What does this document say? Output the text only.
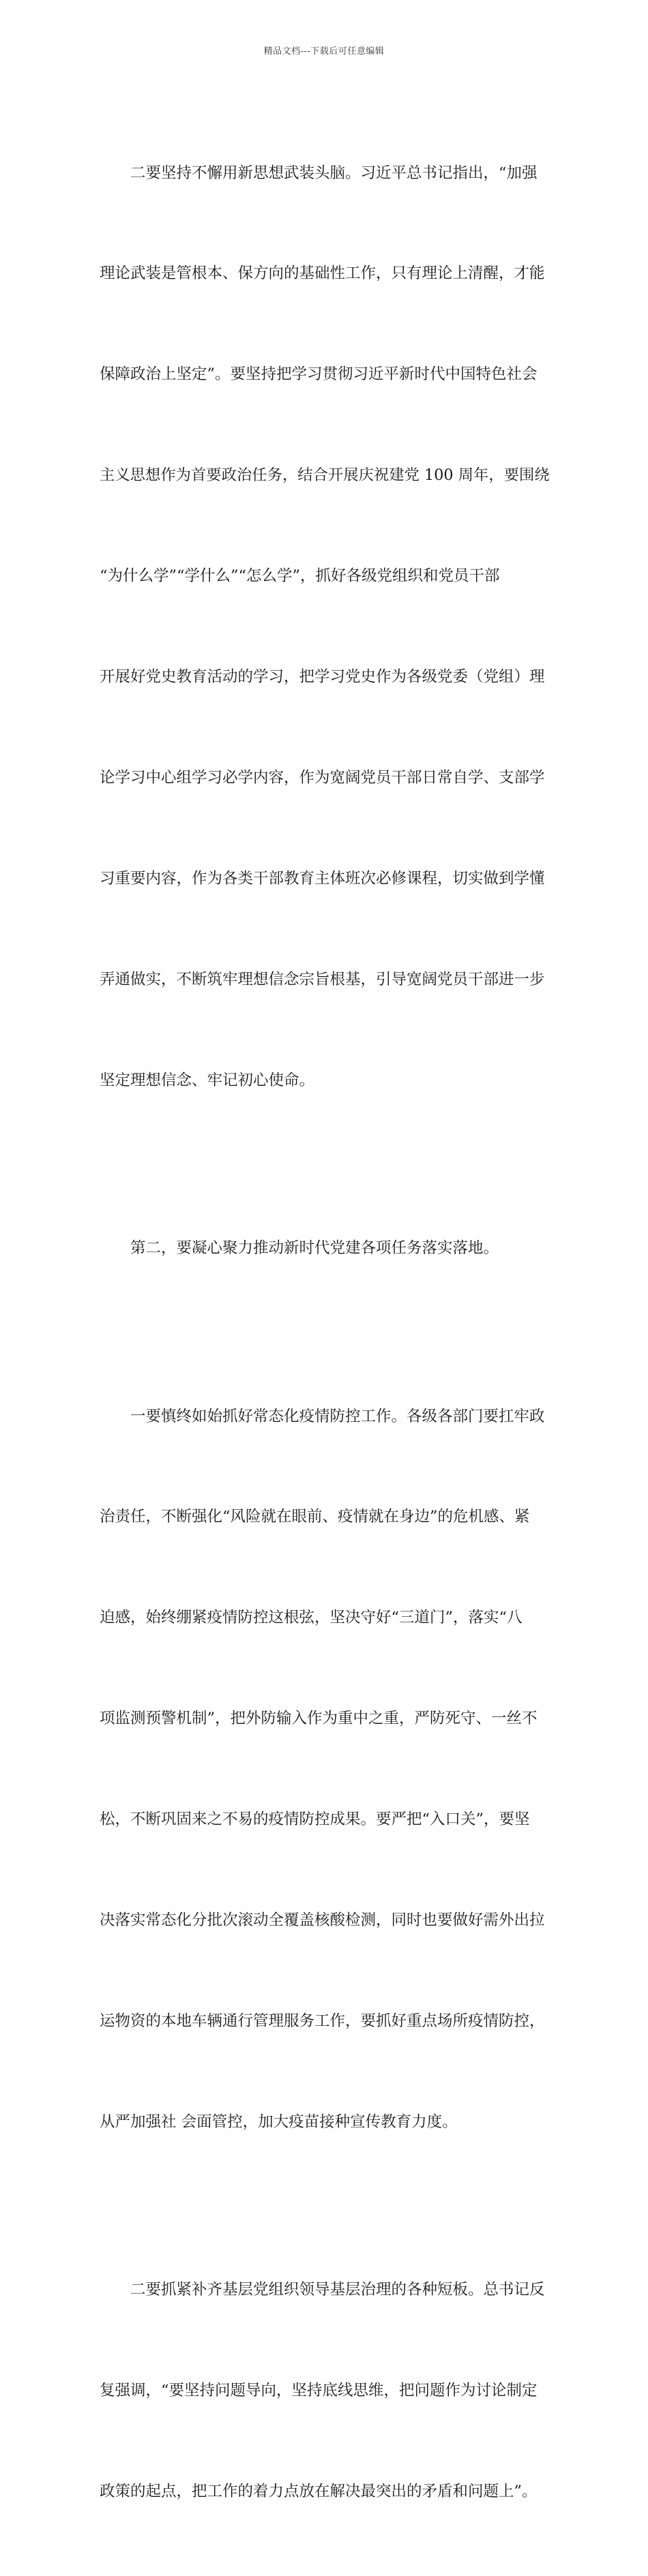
精品文档---下载后可任意编辑

二要坚持不懈用新思想武装头脑。习近平总书记指出，“加强

理论武装是管根本、保方向的基础性工作，只有理论上清醒，才能

保障政治上坚定”。要坚持把学习贯彻习近平新时代中国特色社会

主义思想作为首要政治任务，结合开展庆祝建党 100 周年，要围绕

“为什么学”“学什么”“怎么学”，抓好各级党组织和党员干部

开展好党史教育活动的学习，把学习党史作为各级党委（党组）理

论学习中心组学习必学内容，作为宽阔党员干部日常自学、支部学

习重要内容，作为各类干部教育主体班次必修课程，切实做到学懂

弄通做实，不断筑牢理想信念宗旨根基，引导宽阔党员干部进一步

坚定理想信念、牢记初心使命。

第二，要凝心聚力推动新时代党建各项任务落实落地。

一要慎终如始抓好常态化疫情防控工作。各级各部门要扛牢政

治责任，不断强化“风险就在眼前、疫情就在身边”的危机感、紧

迫感，始终绷紧疫情防控这根弦，坚决守好“三道门”，落实“八

项监测预警机制”，把外防输入作为重中之重，严防死守、一丝不

松，不断巩固来之不易的疫情防控成果。要严把“入口关”，要坚

决落实常态化分批次滚动全覆盖核酸检测，同时也要做好需外出拉

运物资的本地车辆通行管理服务工作，要抓好重点场所疫情防控，

从严加强社 会面管控，加大疫苗接种宣传教育力度。

二要抓紧补齐基层党组织领导基层治理的各种短板。总书记反

复强调，“要坚持问题导向，坚持底线思维，把问题作为讨论制定

政策的起点，把工作的着力点放在解决最突出的矛盾和问题上”。
